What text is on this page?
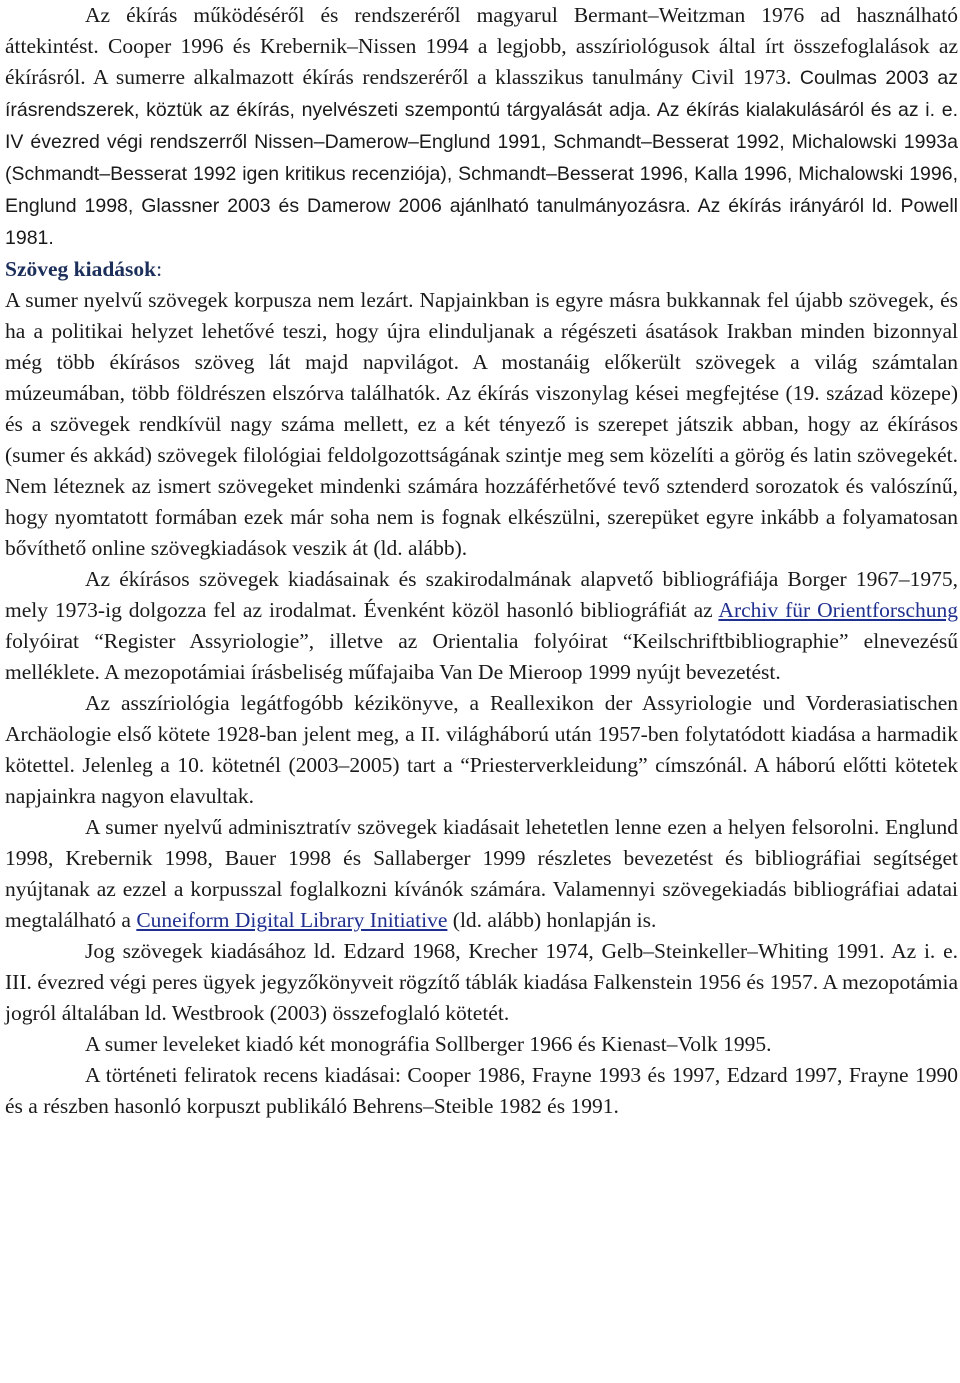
Az ékírás működéséről és rendszeréről magyarul Bermant–Weitzman 1976 ad használható áttekintést. Cooper 1996 és Krebernik–Nissen 1994 a legjobb, asszíriológusok által írt összefoglalások az ékírásról. A sumerre alkalmazott ékírás rendszeréről a klasszikus tanulmány Civil 1973. Coulmas 2003 az írásrendszerek, köztük az ékírás, nyelvészeti szempontú tárgyalását adja. Az ékírás kialakulásáról és az i. e. IV évezred végi rendszerről Nissen–Damerow–Englund 1991, Schmandt–Besserat 1992, Michalowski 1993a (Schmandt–Besserat 1992 igen kritikus recenziója), Schmandt–Besserat 1996, Kalla 1996, Michalowski 1996, Englund 1998, Glassner 2003 és Damerow 2006 ajánlható tanulmányozásra. Az ékírás irányáról ld. Powell 1981.

Szöveg kiadások:

A sumer nyelvű szövegek korpusza nem lezárt. Napjainkban is egyre másra bukkannak fel újabb szövegek, és ha a politikai helyzet lehetővé teszi, hogy újra elinduljanak a régészeti ásatások Irakban minden bizonnyal még több ékírásos szöveg lát majd napvilágot. A mostanáig előkerült szövegek a világ számtalan múzeumában, több földrészen elszórva találhatók. Az ékírás viszonylag kései megfejtése (19. század közepe) és a szövegek rendkívül nagy száma mellett, ez a két tényező is szerepet játszik abban, hogy az ékírásos (sumer és akkád) szövegek filológiai feldolgozottságának szintje meg sem közelíti a görög és latin szövegekét. Nem léteznek az ismert szövegeket mindenki számára hozzáférhetővé tevő sztenderd sorozatok és valószínű, hogy nyomtatott formában ezek már soha nem is fognak elkészülni, szerepüket egyre inkább a folyamatosan bővíthető online szövegkiadások veszik át (ld. alább).

Az ékírásos szövegek kiadásainak és szakirodalmának alapvető bibliográfiája Borger 1967–1975, mely 1973-ig dolgozza fel az irodalmat. Évenként közöl hasonló bibliográfiát az Archiv für Orientforschung folyóirat “Register Assyriologie”, illetve az Orientalia folyóirat “Keilschriftbibliographie” elnevezésű melléklete. A mezopotámiai írásbeliség műfajaiba Van De Mieroop 1999 nyújt bevezetést.

Az asszíriológia legátfogóbb kézikönyve, a Reallexikon der Assyriologie und Vorderasiatischen Archäologie első kötete 1928-ban jelent meg, a II. világháború után 1957-ben folytatódott kiadása a harmadik kötettel. Jelenleg a 10. kötetnél (2003–2005) tart a “Priesterverkleidung” címszónál. A háború előtti kötetek napjainkra nagyon elavultak.

A sumer nyelvű adminisztratív szövegek kiadásait lehetetlen lenne ezen a helyen felsorolni. Englund 1998, Krebernik 1998, Bauer 1998 és Sallaberger 1999 részletes bevezetést és bibliográfiai segítséget nyújtanak az ezzel a korpusszal foglalkozni kívánók számára. Valamennyi szövegekiadás bibliográfiai adatai megtalálható a Cuneiform Digital Library Initiative (ld. alább) honlapján is.

Jog szövegek kiadásához ld. Edzard 1968, Krecher 1974, Gelb–Steinkeller–Whiting 1991. Az i. e. III. évezred végi peres ügyek jegyzőkönyveit rögzítő táblák kiadása Falkenstein 1956 és 1957. A mezopotámia jogról általában ld. Westbrook (2003) összefoglaló kötetét.

A sumer leveleket kiadó két monográfia Sollberger 1966 és Kienast–Volk 1995.

A történeti feliratok recens kiadásai: Cooper 1986, Frayne 1993 és 1997, Edzard 1997, Frayne 1990 és a részben hasonló korpuszt publikáló Behrens–Steible 1982 és 1991.
